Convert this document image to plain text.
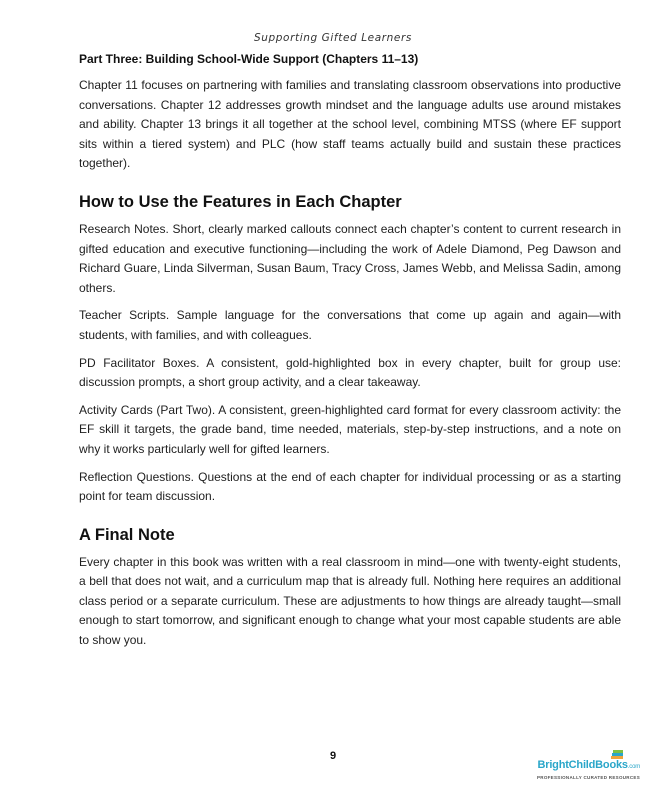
Supporting Gifted Learners
Part Three: Building School-Wide Support (Chapters 11–13)

Chapter 11 focuses on partnering with families and translating classroom observations into productive conversations. Chapter 12 addresses growth mindset and the language adults use around mistakes and ability. Chapter 13 brings it all together at the school level, combining MTSS (where EF support sits within a tiered system) and PLC (how staff teams actually build and sustain these practices together).

How to Use the Features in Each Chapter

Research Notes. Short, clearly marked callouts connect each chapter’s content to current research in gifted education and executive functioning—including the work of Adele Diamond, Peg Dawson and Richard Guare, Linda Silverman, Susan Baum, Tracy Cross, James Webb, and Melissa Sadin, among others.

Teacher Scripts. Sample language for the conversations that come up again and again—with students, with families, and with colleagues.

PD Facilitator Boxes. A consistent, gold-highlighted box in every chapter, built for group use: discussion prompts, a short group activity, and a clear takeaway.

Activity Cards (Part Two). A consistent, green-highlighted card format for every classroom activity: the EF skill it targets, the grade band, time needed, materials, step-by-step instructions, and a note on why it works particularly well for gifted learners.

Reflection Questions. Questions at the end of each chapter for individual processing or as a starting point for team discussion.

A Final Note

Every chapter in this book was written with a real classroom in mind—one with twenty-eight students, a bell that does not wait, and a curriculum map that is already full. Nothing here requires an additional class period or a separate curriculum. These are adjustments to how things are already taught—small enough to start tomorrow, and significant enough to change what your most capable students are able to show you.

9
BrightChildBooks.com
PROFESSIONALLY CURATED RESOURCES
